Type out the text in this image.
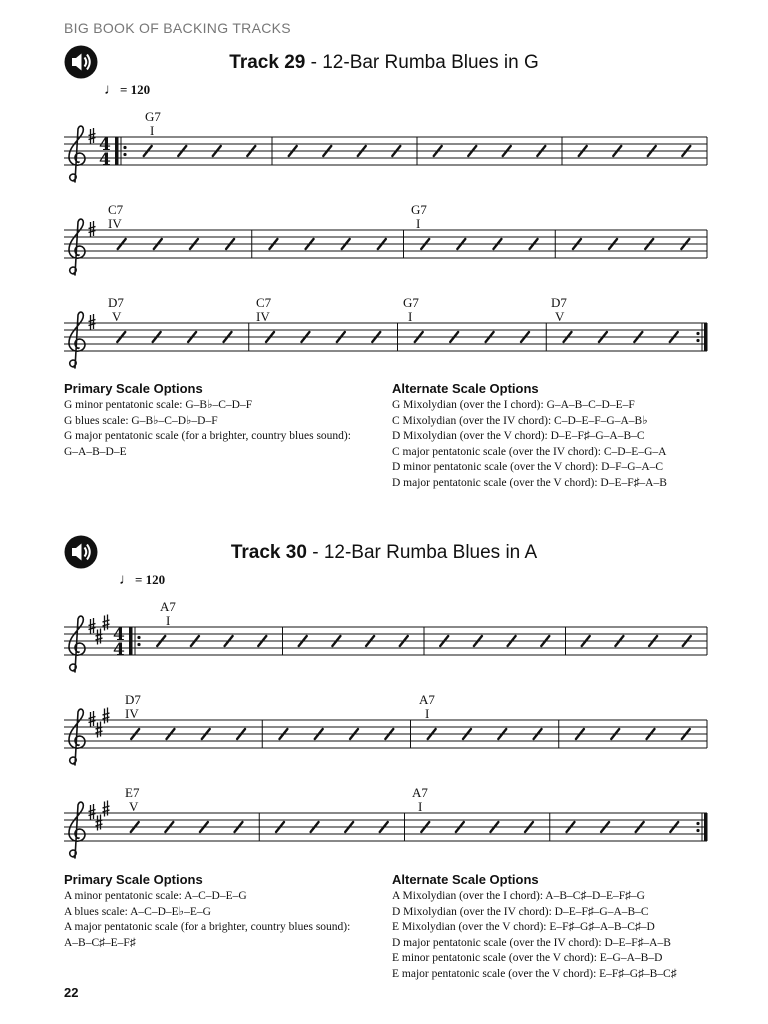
BIG BOOK OF BACKING TRACKS
Track 29 - 12-Bar Rumba Blues in G
♩= 120
G7
I
C7
IV
G7
I
D7
V
C7
IV
G7
I
D7
V
Track 30 - 12-Bar Rumba Blues in A
♩= 120
A7
I
D7
IV
A7
I
E7
V
A7
I
4
4
4
4
Primary Scale Options
G minor pentatonic scale: G–B♭–C–D–F
G blues scale: G–B♭–C–D♭–D–F
G major pentatonic scale (for a brighter, country blues sound): G–A–B–D–E
Alternate Scale Options
G Mixolydian (over the I chord): G–A–B–C–D–E–F
C Mixolydian (over the IV chord): C–D–E–F–G–A–B♭
D Mixolydian (over the V chord): D–E–F♯–G–A–B–C
C major pentatonic scale (over the IV chord): C–D–E–G–A
D minor pentatonic scale (over the V chord): D–F–G–A–C
D major pentatonic scale (over the V chord): D–E–F♯–A–B
Primary Scale Options
A minor pentatonic scale: A–C–D–E–G
A blues scale: A–C–D–E♭–E–G
A major pentatonic scale (for a brighter, country blues sound): A–B–C♯–E–F♯
Alternate Scale Options
A Mixolydian (over the I chord): A–B–C♯–D–E–F♯–G
D Mixolydian (over the IV chord): D–E–F♯–G–A–B–C
E Mixolydian (over the V chord): E–F♯–G♯–A–B–C♯–D
D major pentatonic scale (over the IV chord): D–E–F♯–A–B
E minor pentatonic scale (over the V chord): E–G–A–B–D
E major pentatonic scale (over the V chord): E–F♯–G♯–B–C♯
22
